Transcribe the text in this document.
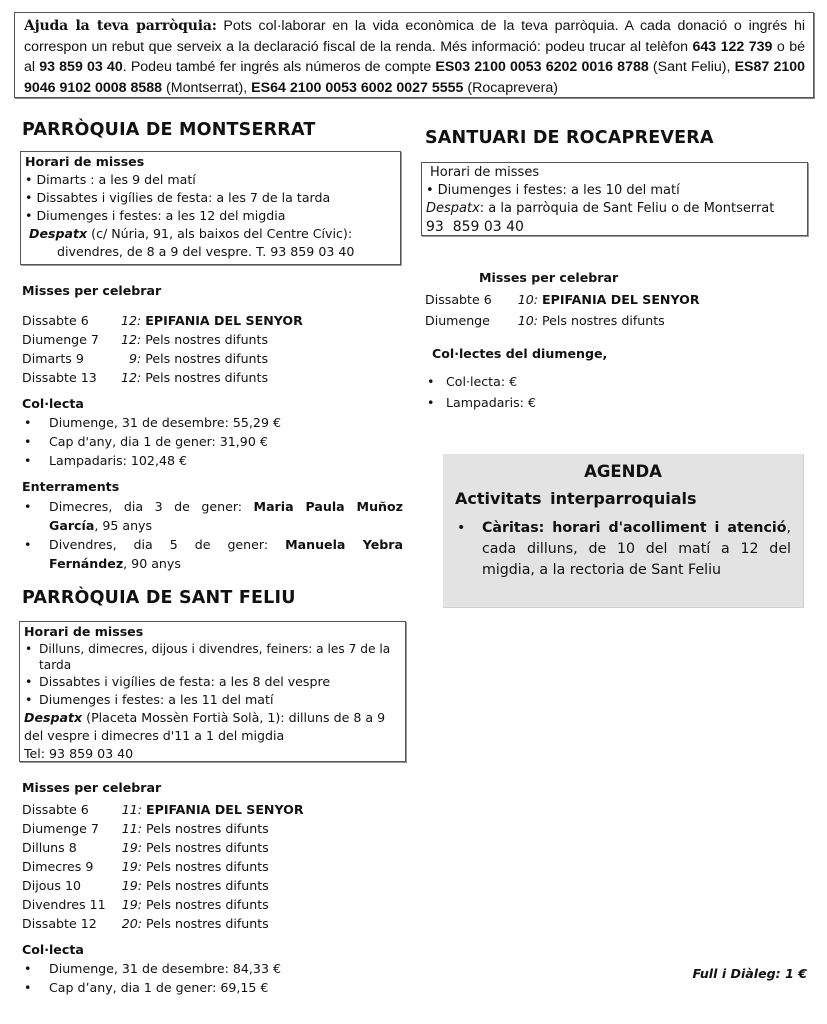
Ajuda la teva parròquia: Pots col·laborar en la vida econòmica de la teva parròquia. A cada donació o ingrés hi correspon un rebut que serveix a la declaració fiscal de la renda. Més informació: podeu trucar al telèfon 643 122 739 o bé al 93 859 03 40. Podeu també fer ingrés als números de compte ES03 2100 0053 6202 0016 8788 (Sant Feliu), ES87 2100 9046 9102 0008 8588 (Montserrat), ES64 2100 0053 6002 0027 5555 (Rocaprevera)
PARRÒQUIA DE MONTSERRAT
Horari de misses
• Dimarts : a les 9 del matí
• Dissabtes i vigílies de festa: a les 7 de la tarda
• Diumenges i festes: a les 12 del migdia
Despatx (c/ Núria, 91, als baixos del Centre Cívic):
divendres, de 8 a 9 del vespre. T. 93 859 03 40
Misses per celebrar
Dissabte 6	12:	EPIFANIA DEL SENYOR
Diumenge 7	12:	Pels nostres difunts
Dimarts 9	9:	Pels nostres difunts
Dissabte 13	12:	Pels nostres difunts
Col·lecta
• Diumenge, 31 de desembre: 55,29 €
• Cap d'any, dia 1 de gener: 31,90 €
• Lampadaris: 102,48 €
Enterraments
• Dimecres, dia 3 de gener: Maria Paula Muñoz García, 95 anys
• Divendres, dia 5 de gener: Manuela Yebra Fernández, 90 anys
PARRÒQUIA DE SANT FELIU
Horari de misses
• Dilluns, dimecres, dijous i divendres, feiners: a les 7 de la tarda
• Dissabtes i vigílies de festa: a les 8 del vespre
• Diumenges i festes: a les 11 del matí
Despatx (Placeta Mossèn Fortià Solà, 1): dilluns de 8 a 9 del vespre i dimecres d'11 a 1 del migdia
Tel: 93 859 03 40
Misses per celebrar
Dissabte 6	11:	EPIFANIA DEL SENYOR
Diumenge 7	11:	Pels nostres difunts
Dilluns 8	19:	Pels nostres difunts
Dimecres 9	19:	Pels nostres difunts
Dijous 10	19:	Pels nostres difunts
Divendres 11	19:	Pels nostres difunts
Dissabte 12	20:	Pels nostres difunts
Col·lecta
• Diumenge, 31 de desembre: 84,33 €
• Cap d’any, dia 1 de gener: 69,15 €
SANTUARI DE ROCAPREVERA
Horari de misses
• Diumenges i festes: a les 10 del matí
Despatx: a la parròquia de Sant Feliu o de Montserrat
93  859 03 40
Misses per celebrar
Dissabte 6	10:	EPIFANIA DEL SENYOR
Diumenge	10:	Pels nostres difunts
Col·lectes del diumenge,
• Col·lecta: €
• Lampadaris: €
AGENDA
Activitats interparroquials
• Càritas: horari d'acolliment i atenció, cada dilluns, de 10 del matí a 12 del migdia, a la rectoria de Sant Feliu
Full i Diàleg: 1 €
